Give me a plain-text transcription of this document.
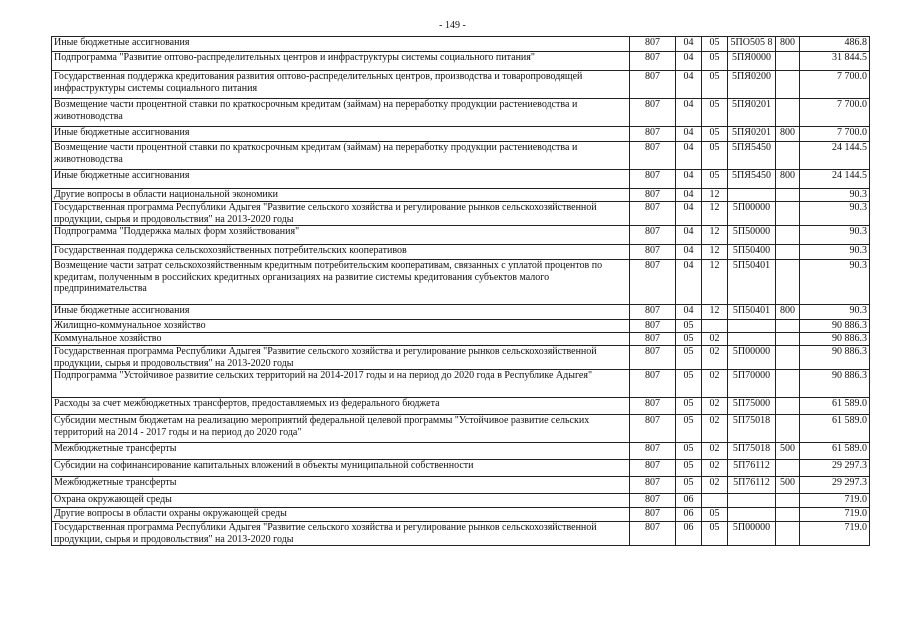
- 149 -
Иные бюджетные ассигнования	807	04	05	5ПО505 8	800	486.8
Подпрограмма "Развитие оптово-распределительных центров и инфраструктуры системы социального питания"	807	04	05	5ПЯ0000		31 844.5
Государственная поддержка кредитования развития оптово-распределительных центров, производства и товаропроводящей инфраструктуры системы социального питания	807	04	05	5ПЯ0200		7 700.0
Возмещение части процентной ставки по краткосрочным кредитам (займам) на переработку продукции растениеводства и животноводства	807	04	05	5ПЯ0201		7 700.0
Иные бюджетные ассигнования	807	04	05	5ПЯ0201	800	7 700.0
Возмещение части процентной ставки по краткосрочным кредитам (займам) на переработку продукции растениеводства и животноводства	807	04	05	5ПЯ5450		24 144.5
Иные бюджетные ассигнования	807	04	05	5ПЯ5450	800	24 144.5
Другие вопросы в области национальной экономики	807	04	12			90.3
Государственная программа Республики Адыгея "Развитие сельского хозяйства и регулирование рынков сельскохозяйственной продукции, сырья и продовольствия" на 2013-2020 годы	807	04	12	5П00000		90.3
Подпрограмма "Поддержка малых форм хозяйствования"	807	04	12	5П50000		90.3
Государственная поддержка сельскохозяйственных потребительских кооперативов	807	04	12	5П50400		90.3
Возмещение части затрат сельскохозяйственным кредитным потребительским кооперативам, связанных с уплатой процентов по кредитам, полученным в российских кредитных организациях на развитие системы кредитования субъектов малого предпринимательства	807	04	12	5П50401		90.3
Иные бюджетные ассигнования	807	04	12	5П50401	800	90.3
Жилищно-коммунальное хозяйство	807	05				90 886.3
Коммунальное хозяйство	807	05	02			90 886.3
Государственная программа Республики Адыгея "Развитие сельского хозяйства и регулирование рынков сельскохозяйственной продукции, сырья и продовольствия" на 2013-2020 годы	807	05	02	5П00000		90 886.3
Подпрограмма "Устойчивое развитие сельских территорий на 2014-2017 годы и на период до 2020 года в Республике Адыгея"	807	05	02	5П70000		90 886.3
Расходы за счет межбюджетных трансфертов, предоставляемых из федерального бюджета	807	05	02	5П75000		61 589.0
Субсидии местным бюджетам на реализацию мероприятий федеральной целевой программы "Устойчивое развитие сельских территорий на 2014 - 2017 годы и на период до 2020 года"	807	05	02	5П75018		61 589.0
Межбюджетные трансферты	807	05	02	5П75018	500	61 589.0
Субсидии на софинансирование капитальных вложений в объекты муниципальной собственности	807	05	02	5П76112		29 297.3
Межбюджетные трансферты	807	05	02	5П76112	500	29 297.3
Охрана окружающей среды	807	06				719.0
Другие вопросы в области охраны окружающей среды	807	06	05			719.0
Государственная программа Республики Адыгея "Развитие сельского хозяйства и регулирование рынков сельскохозяйственной продукции, сырья и продовольствия" на 2013-2020 годы	807	06	05	5П00000		719.0
